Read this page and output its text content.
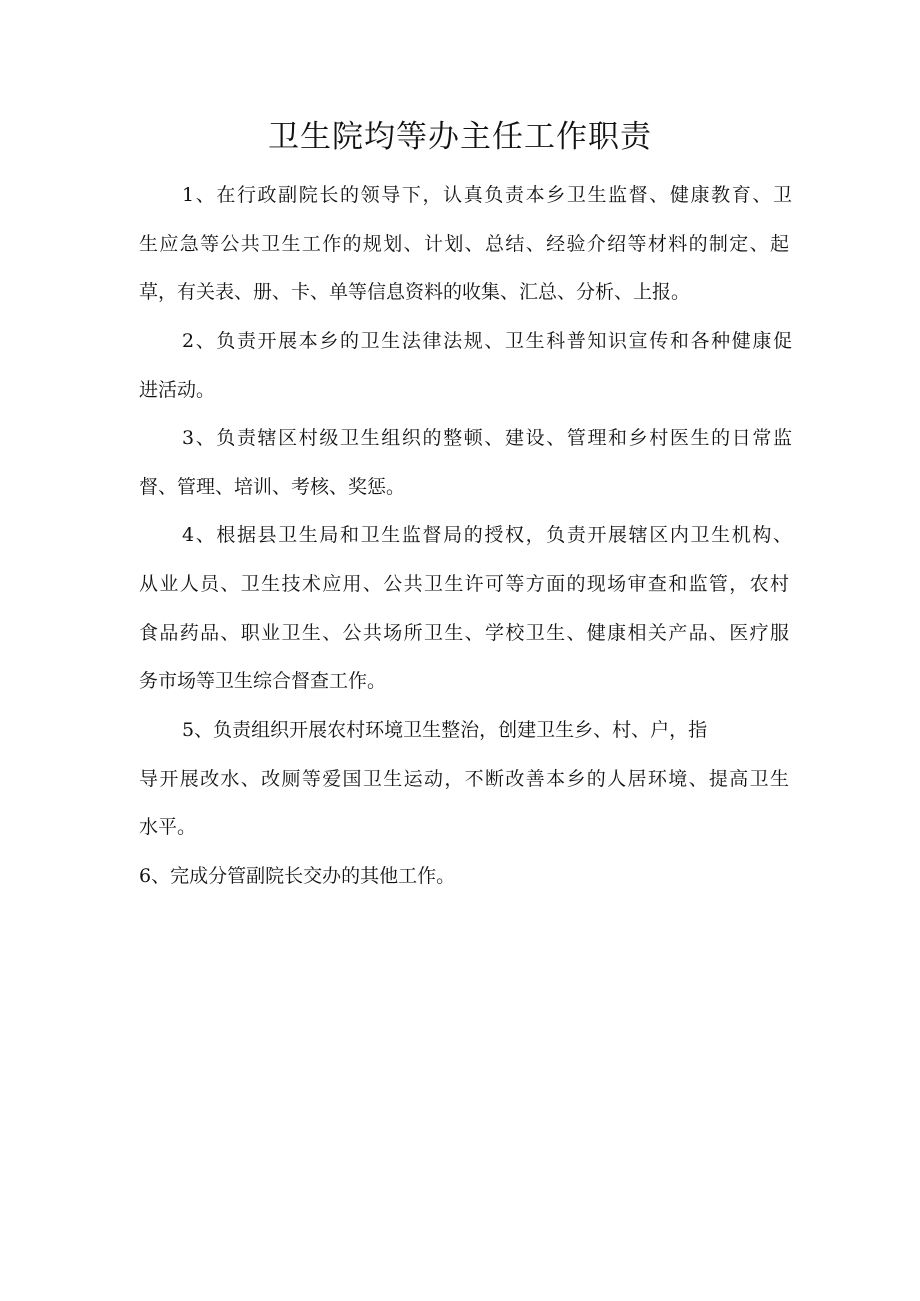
卫生院均等办主任工作职责
1、在行政副院长的领导下，认真负责本乡卫生监督、健康教育、卫
生应急等公共卫生工作的规划、计划、总结、经验介绍等材料的制定、起
草，有关表、册、卡、单等信息资料的收集、汇总、分析、上报。
2、负责开展本乡的卫生法律法规、卫生科普知识宣传和各种健康促
进活动。
3、负责辖区村级卫生组织的整顿、建设、管理和乡村医生的日常监
督、管理、培训、考核、奖惩。
4、根据县卫生局和卫生监督局的授权，负责开展辖区内卫生机构、
从业人员、卫生技术应用、公共卫生许可等方面的现场审查和监管，农村
食品药品、职业卫生、公共场所卫生、学校卫生、健康相关产品、医疗服
务市场等卫生综合督查工作。
5、负责组织开展农村环境卫生整治，创建卫生乡、村、户，指
导开展改水、改厕等爱国卫生运动，不断改善本乡的人居环境、提高卫生
水平。
6、完成分管副院长交办的其他工作。
